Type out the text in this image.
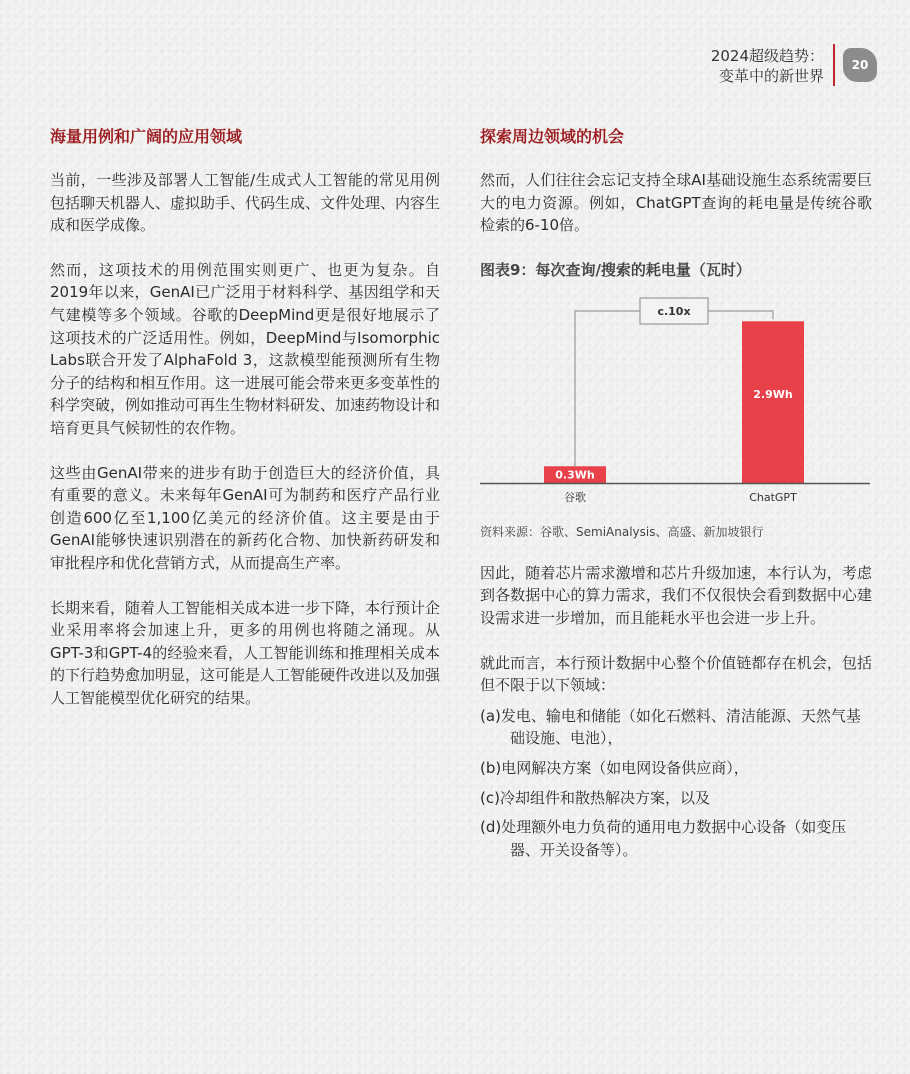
2024超级趋势：
变革中的新世界
20
海量用例和广阔的应用领域

当前，一些涉及部署人工智能/生成式人工智能的常见用例包括聊天机器人、虚拟助手、代码生成、文件处理、内容生成和医学成像。

然而，这项技术的用例范围实则更广、也更为复杂。自2019年以来，GenAI已广泛用于材料科学、基因组学和天气建模等多个领域。谷歌的DeepMind更是很好地展示了这项技术的广泛适用性。例如，DeepMind与Isomorphic Labs联合开发了AlphaFold 3，这款模型能预测所有生物分子的结构和相互作用。这一进展可能会带来更多变革性的科学突破，例如推动可再生生物材料研发、加速药物设计和培育更具气候韧性的农作物。

这些由GenAI带来的进步有助于创造巨大的经济价值，具有重要的意义。未来每年GenAI可为制药和医疗产品行业创造600亿至1,100亿美元的经济价值。这主要是由于GenAI能够快速识别潜在的新药化合物、加快新药研发和审批程序和优化营销方式，从而提高生产率。

长期来看，随着人工智能相关成本进一步下降，本行预计企业采用率将会加速上升，更多的用例也将随之涌现。从GPT-3和GPT-4的经验来看，人工智能训练和推理相关成本的下行趋势愈加明显，这可能是人工智能硬件改进以及加强人工智能模型优化研究的结果。

探索周边领域的机会

然而，人们往往会忘记支持全球AI基础设施生态系统需要巨大的电力资源。例如，ChatGPT查询的耗电量是传统谷歌检索的6-10倍。

图表9：每次查询/搜索的耗电量（瓦时）
0.3Wh
谷歌
2.9Wh
ChatGPT
c.10x
资料来源：谷歌、SemiAnalysis、高盛、新加坡银行

因此，随着芯片需求激增和芯片升级加速，本行认为，考虑到各数据中心的算力需求，我们不仅很快会看到数据中心建设需求进一步增加，而且能耗水平也会进一步上升。

就此而言，本行预计数据中心整个价值链都存在机会，包括但不限于以下领域：

(a)发电、输电和储能（如化石燃料、清洁能源、天然气基础设施、电池），
(b)电网解决方案（如电网设备供应商），
(c)冷却组件和散热解决方案，以及
(d)处理额外电力负荷的通用电力数据中心设备（如变压器、开关设备等）。
